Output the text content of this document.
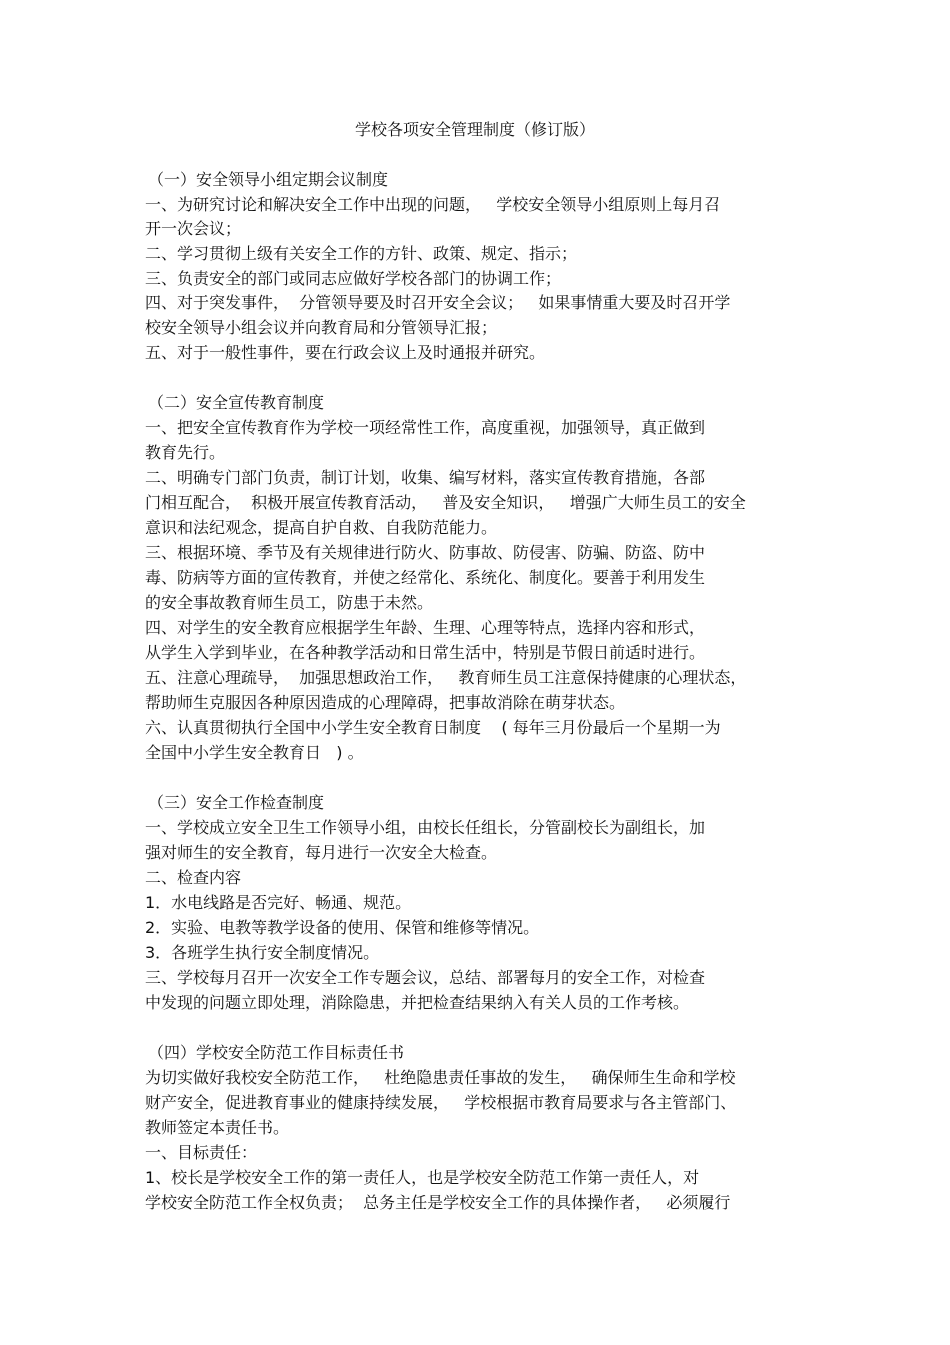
学校各项安全管理制度（修订版）
（一）安全领导小组定期会议制度
一、为研究讨论和解决安全工作中出现的问题，   学校安全领导小组原则上每月召
开一次会议；
二、学习贯彻上级有关安全工作的方针、政策、规定、指示；
三、负责安全的部门或同志应做好学校各部门的协调工作；
四、对于突发事件，  分管领导要及时召开安全会议；   如果事情重大要及时召开学
校安全领导小组会议并向教育局和分管领导汇报；
五、对于一般性事件，要在行政会议上及时通报并研究。
（二）安全宣传教育制度
一、把安全宣传教育作为学校一项经常性工作，高度重视，加强领导，真正做到
教育先行。
二、明确专门部门负责，制订计划，收集、编写材料，落实宣传教育措施，各部
门相互配合，  积极开展宣传教育活动，   普及安全知识，   增强广大师生员工的安全
意识和法纪观念，提高自护自救、自我防范能力。
三、根据环境、季节及有关规律进行防火、防事故、防侵害、防骗、防盗、防中
毒、防病等方面的宣传教育，并使之经常化、系统化、制度化。要善于利用发生
的安全事故教育师生员工，防患于未然。
四、对学生的安全教育应根据学生年龄、生理、心理等特点，选择内容和形式，
从学生入学到毕业，在各种教学活动和日常生活中，特别是节假日前适时进行。
五、注意心理疏导，  加强思想政治工作，   教育师生员工注意保持健康的心理状态，
帮助师生克服因各种原因造成的心理障碍，把事故消除在萌芽状态。
六、认真贯彻执行全国中小学生安全教育日制度    ( 每年三月份最后一个星期一为
全国中小学生安全教育日   ) 。
（三）安全工作检查制度
一、学校成立安全卫生工作领导小组，由校长任组长，分管副校长为副组长，加
强对师生的安全教育，每月进行一次安全大检查。
二、检查内容
1．水电线路是否完好、畅通、规范。
2．实验、电教等教学设备的使用、保管和维修等情况。
3．各班学生执行安全制度情况。
三、学校每月召开一次安全工作专题会议，总结、部署每月的安全工作，对检查
中发现的问题立即处理，消除隐患，并把检查结果纳入有关人员的工作考核。
（四）学校安全防范工作目标责任书
为切实做好我校安全防范工作，   杜绝隐患责任事故的发生，   确保师生生命和学校
财产安全，促进教育事业的健康持续发展，   学校根据市教育局要求与各主管部门、
教师签定本责任书。
一、目标责任：
1、校长是学校安全工作的第一责任人，也是学校安全防范工作第一责任人，对
学校安全防范工作全权负责；  总务主任是学校安全工作的具体操作者，   必须履行
